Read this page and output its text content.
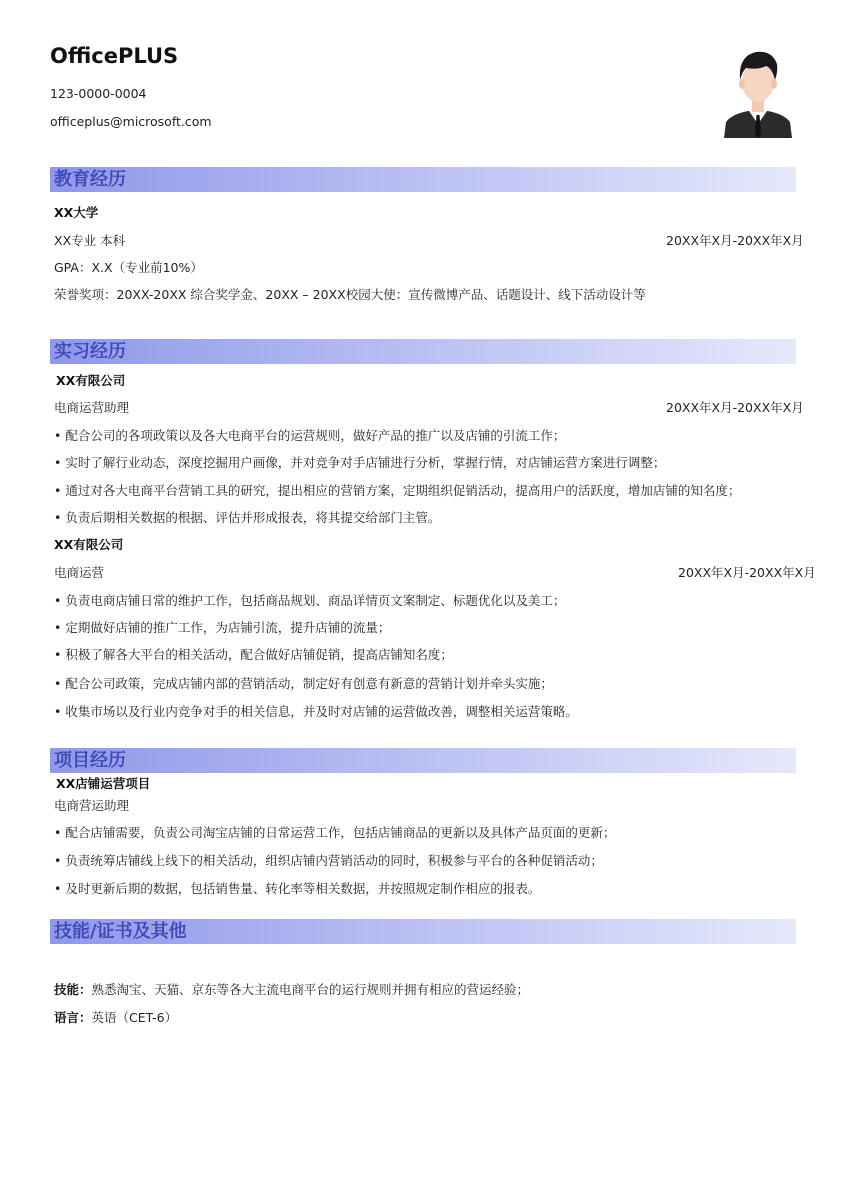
OfficePLUS
123-0000-0004
officeplus@microsoft.com
教育经历
XX大学
XX专业 本科	20XX年X月-20XX年X月
GPA：X.X（专业前10%）
荣誉奖项：20XX-20XX 综合奖学金、20XX – 20XX校园大使：宣传微博产品、话题设计、线下活动设计等
实习经历
XX有限公司
电商运营助理	20XX年X月-20XX年X月
• 配合公司的各项政策以及各大电商平台的运营规则，做好产品的推广以及店铺的引流工作；
• 实时了解行业动态，深度挖掘用户画像，并对竞争对手店铺进行分析，掌握行情，对店铺运营方案进行调整；
• 通过对各大电商平台营销工具的研究，提出相应的营销方案，定期组织促销活动，提高用户的活跃度，增加店铺的知名度；
• 负责后期相关数据的根据、评估并形成报表，将其提交给部门主管。
XX有限公司
电商运营	20XX年X月-20XX年X月
• 负责电商店铺日常的维护工作，包括商品规划、商品详情页文案制定、标题优化以及美工；
• 定期做好店铺的推广工作，为店铺引流，提升店铺的流量；
• 积极了解各大平台的相关活动，配合做好店铺促销，提高店铺知名度；
• 配合公司政策，完成店铺内部的营销活动，制定好有创意有新意的营销计划并牵头实施；
• 收集市场以及行业内竞争对手的相关信息，并及时对店铺的运营做改善，调整相关运营策略。
项目经历
XX店铺运营项目
电商营运助理
• 配合店铺需要，负责公司淘宝店铺的日常运营工作，包括店铺商品的更新以及具体产品页面的更新；
• 负责统筹店铺线上线下的相关活动，组织店铺内营销活动的同时，积极参与平台的各种促销活动；
• 及时更新后期的数据，包括销售量、转化率等相关数据，并按照规定制作相应的报表。
技能/证书及其他
技能：熟悉淘宝、天猫、京东等各大主流电商平台的运行规则并拥有相应的营运经验；
语言：英语（CET-6）
